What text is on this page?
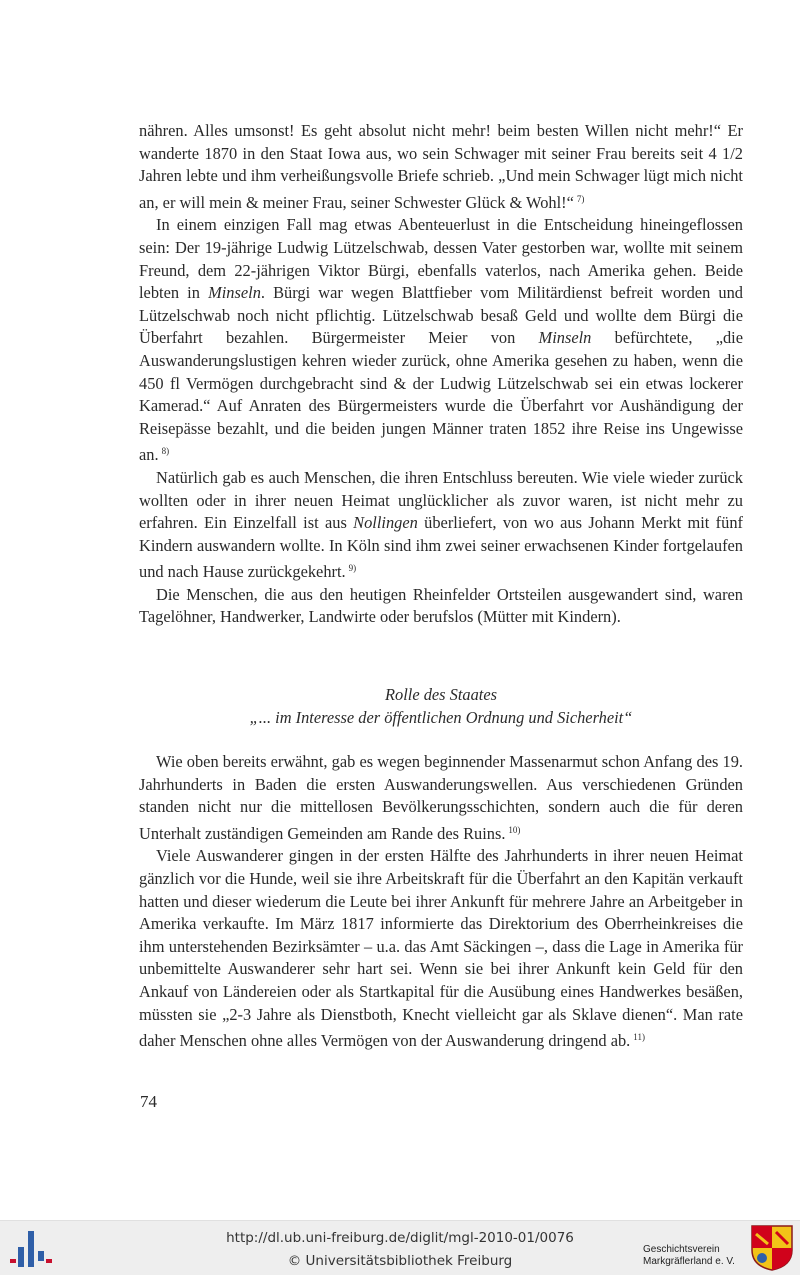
nähren. Alles umsonst! Es geht absolut nicht mehr! beim besten Willen nicht mehr!“ Er wanderte 1870 in den Staat Iowa aus, wo sein Schwager mit seiner Frau bereits seit 4 1/2 Jahren lebte und ihm verheißungsvolle Briefe schrieb. „Und mein Schwager lügt mich nicht an, er will mein & meiner Frau, seiner Schwester Glück & Wohl!“ $^{7)}$

In einem einzigen Fall mag etwas Abenteuerlust in die Entscheidung hineingeflossen sein: Der 19-jährige Ludwig Lützelschwab, dessen Vater gestorben war, wollte mit seinem Freund, dem 22-jährigen Viktor Bürgi, ebenfalls vaterlos, nach Amerika gehen. Beide lebten in Minseln. Bürgi war wegen Blattfieber vom Militärdienst befreit worden und Lützelschwab noch nicht pflichtig. Lützelschwab besaß Geld und wollte dem Bürgi die Überfahrt bezahlen. Bürgermeister Meier von Minseln befürchtete, „die Auswanderungslustigen kehren wieder zurück, ohne Amerika gesehen zu haben, wenn die 450 fl Vermögen durchgebracht sind & der Ludwig Lützelschwab sei ein etwas lockerer Kamerad.“ Auf Anraten des Bürgermeisters wurde die Überfahrt vor Aushändigung der Reisepässe bezahlt, und die beiden jungen Männer traten 1852 ihre Reise ins Ungewisse an. $^{8)}$

Natürlich gab es auch Menschen, die ihren Entschluss bereuten. Wie viele wieder zurück wollten oder in ihrer neuen Heimat unglücklicher als zuvor waren, ist nicht mehr zu erfahren. Ein Einzelfall ist aus Nollingen überliefert, von wo aus Johann Merkt mit fünf Kindern auswandern wollte. In Köln sind ihm zwei seiner erwachsenen Kinder fortgelaufen und nach Hause zurückgekehrt. $^{9)}$

Die Menschen, die aus den heutigen Rheinfelder Ortsteilen ausgewandert sind, waren Tagelöhner, Handwerker, Landwirte oder berufslos (Mütter mit Kindern).

Rolle des Staates
„... im Interesse der öffentlichen Ordnung und Sicherheit“

Wie oben bereits erwähnt, gab es wegen beginnender Massenarmut schon Anfang des 19. Jahrhunderts in Baden die ersten Auswanderungswellen. Aus verschiedenen Gründen standen nicht nur die mittellosen Bevölkerungsschichten, sondern auch die für deren Unterhalt zuständigen Gemeinden am Rande des Ruins. $^{10)}$

Viele Auswanderer gingen in der ersten Hälfte des Jahrhunderts in ihrer neuen Heimat gänzlich vor die Hunde, weil sie ihre Arbeitskraft für die Überfahrt an den Kapitän verkauft hatten und dieser wiederum die Leute bei ihrer Ankunft für mehrere Jahre an Arbeitgeber in Amerika verkaufte. Im März 1817 informierte das Direktorium des Oberrheinkreises die ihm unterstehenden Bezirksämter – u.a. das Amt Säckingen –, dass die Lage in Amerika für unbemittelte Auswanderer sehr hart sei. Wenn sie bei ihrer Ankunft kein Geld für den Ankauf von Ländereien oder als Startkapital für die Ausübung eines Handwerkes besäßen, müssten sie „2-3 Jahre als Dienstboth, Knecht vielleicht gar als Sklave dienen“. Man rate daher Menschen ohne alles Vermögen von der Auswanderung dringend ab. $^{11)}$

74
http://dl.ub.uni-freiburg.de/diglit/mgl-2010-01/0076
© Universitätsbibliothek Freiburg
Geschichtsverein
Markgräflerland e. V.
